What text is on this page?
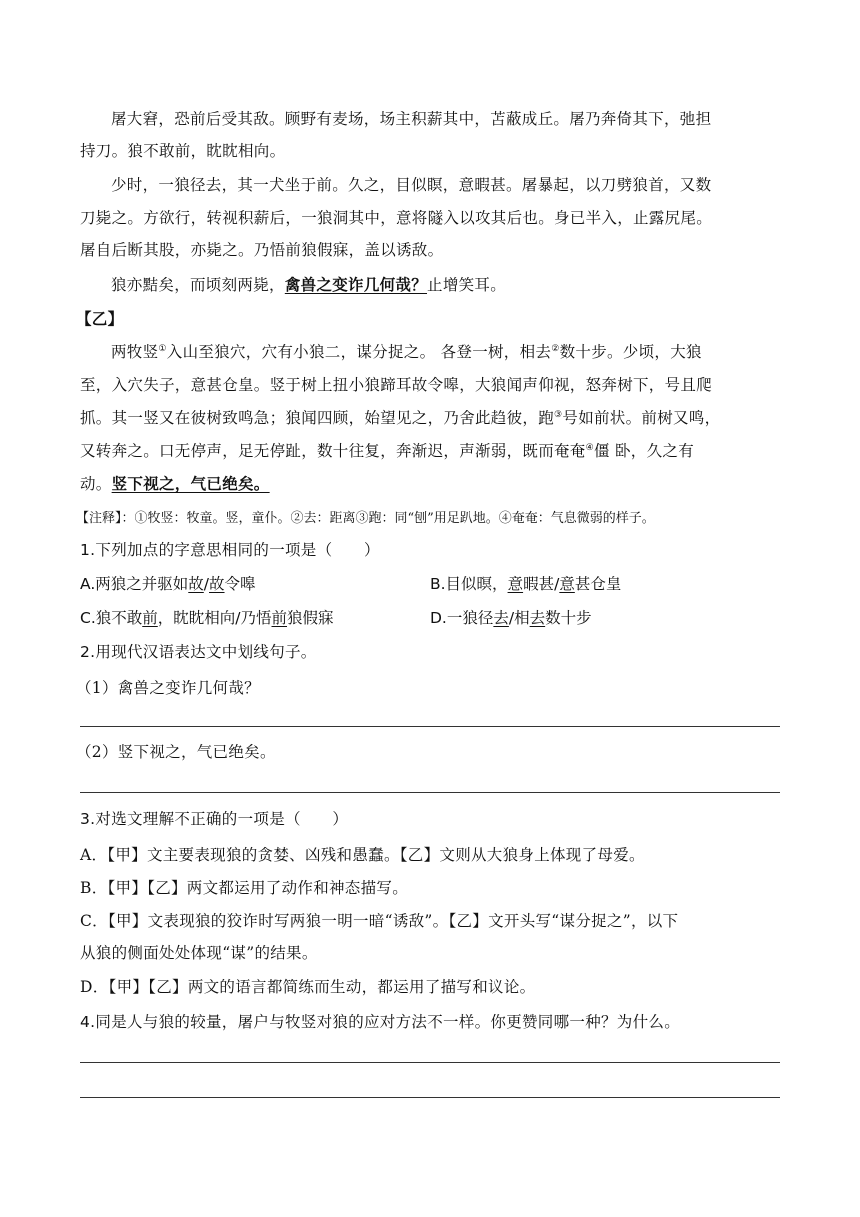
屠大窘，恐前后受其敌。顾野有麦场，场主积薪其中，苫蔽成丘。屠乃奔倚其下，弛担
持刀。狼不敢前，眈眈相向。
少时，一狼径去，其一犬坐于前。久之，目似瞑，意暇甚。屠暴起，以刀劈狼首，又数
刀毙之。方欲行，转视积薪后，一狼洞其中，意将隧入以攻其后也。身已半入，止露尻尾。
屠自后断其股，亦毙之。乃悟前狼假寐，盖以诱敌。
狼亦黠矣，而顷刻两毙，禽兽之变诈几何哉？止增笑耳。
【乙】
两牧竖①入山至狼穴，穴有小狼二，谋分捉之。 各登一树，相去②数十步。少顷，大狼
至，入穴失子，意甚仓皇。竖于树上扭小狼蹄耳故令嗥，大狼闻声仰视，怒奔树下，号且爬
抓。其一竖又在彼树致鸣急；狼闻四顾，始望见之，乃舍此趋彼，跑③号如前状。前树又鸣，
又转奔之。口无停声，足无停趾，数十往复，奔渐迟，声渐弱，既而奄奄④僵 卧，久之有
动。竖下视之，气已绝矣。
【注释】：①牧竖：牧童。竖，童仆。②去：距离③跑：同“刨”用足趴地。④奄奄：气息微弱的样子。
1.下列加点的字意思相同的一项是（　　）
A.两狼之并驱如故/故令嗥	B.目似暝，意暇甚/意甚仓皇
C.狼不敢前，眈眈相向/乃悟前狼假寐	D.一狼径去/相去数十步
2.用现代汉语表达文中划线句子。
（1）禽兽之变诈几何哉？
（2）竖下视之，气已绝矣。
3.对选文理解不正确的一项是（　　）
A．【甲】文主要表现狼的贪婪、凶残和愚蠢。【乙】文则从大狼身上体现了母爱。
B．【甲】【乙】两文都运用了动作和神态描写。
C．【甲】文表现狼的狡诈时写两狼一明一暗“诱敌”。【乙】文开头写“谋分捉之”，以下
从狼的侧面处处体现“谋”的结果。
D．【甲】【乙】两文的语言都简练而生动，都运用了描写和议论。
4.同是人与狼的较量，屠户与牧竖对狼的应对方法不一样。你更赞同哪一种？为什么。
